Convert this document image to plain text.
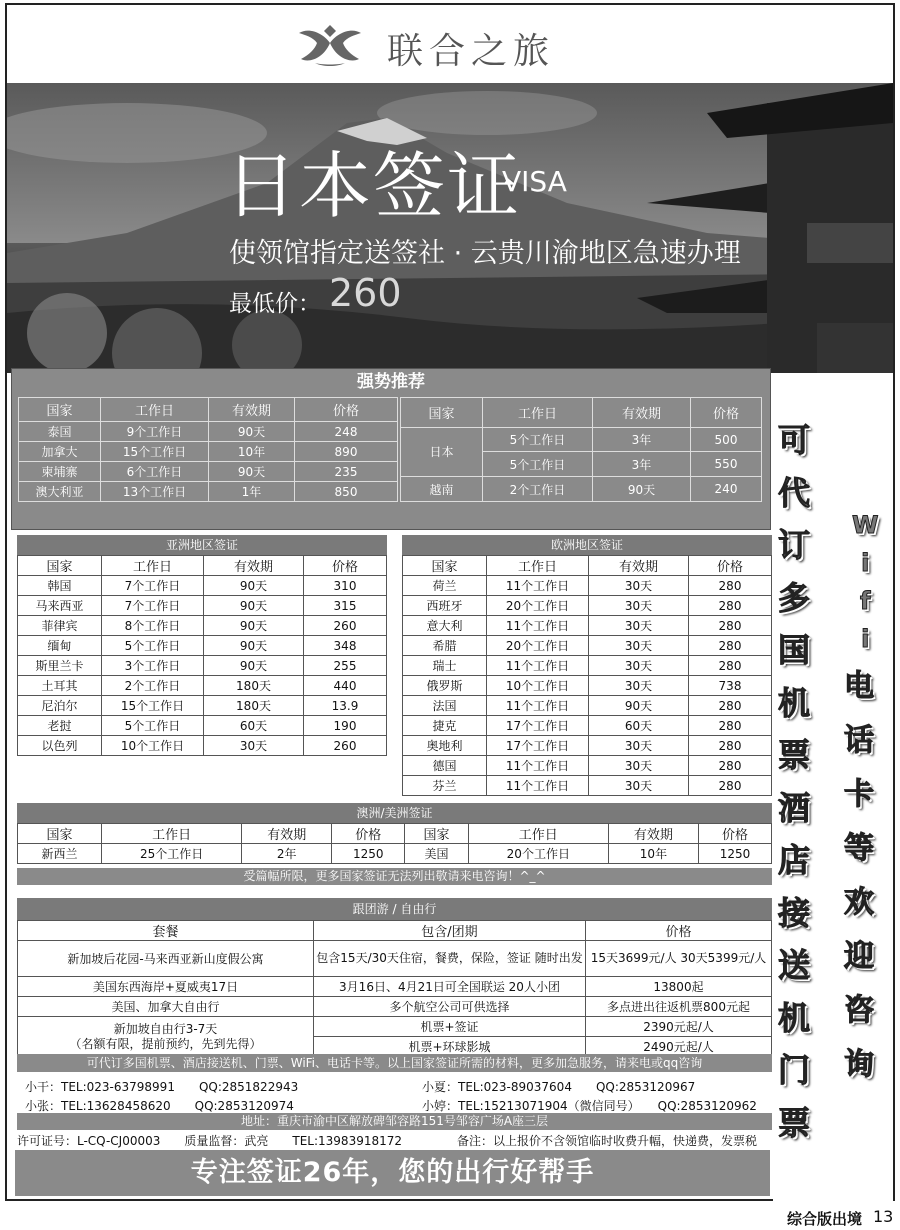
联合之旅
日本签证
VISA
使领馆指定送签社 · 云贵川渝地区急速办理
最低价： 260
强势推荐
国家	工作日	有效期	价格
泰国	9个工作日	90天	248
加拿大	15个工作日	10年	890
柬埔寨	6个工作日	90天	235
澳大利亚	13个工作日	1年	850
国家	工作日	有效期	价格
日本	5个工作日	3年	500
	5个工作日	3年	550
越南	2个工作日	90天	240
亚洲地区签证
国家	工作日	有效期	价格
韩国	7个工作日	90天	310
马来西亚	7个工作日	90天	315
菲律宾	8个工作日	90天	260
缅甸	5个工作日	90天	348
斯里兰卡	3个工作日	90天	255
土耳其	2个工作日	180天	440
尼泊尔	15个工作日	180天	13.9
老挝	5个工作日	60天	190
以色列	10个工作日	30天	260
欧洲地区签证
国家	工作日	有效期	价格
荷兰	11个工作日	30天	280
西班牙	20个工作日	30天	280
意大利	11个工作日	30天	280
希腊	20个工作日	30天	280
瑞士	11个工作日	30天	280
俄罗斯	10个工作日	30天	738
法国	11个工作日	90天	280
捷克	17个工作日	60天	280
奥地利	17个工作日	30天	280
德国	11个工作日	30天	280
芬兰	11个工作日	30天	280
澳洲/美洲签证
国家	工作日	有效期	价格	国家	工作日	有效期	价格
新西兰	25个工作日	2年	1250	美国	20个工作日	10年	1250
受篇幅所限，更多国家签证无法列出敬请来电咨询！^_^
跟团游 / 自由行
套餐	包含/团期	价格
新加坡后花园-马来西亚新山度假公寓	包含15天/30天住宿，餐费，保险，签证 随时出发	15天3699元/人 30天5399元/人
美国东西海岸+夏威夷17日	3月16日、4月21日可全国联运 20人小团	13800起
美国、加拿大自由行	多个航空公司可供选择	多点进出往返机票800元起

新加坡自由行3-7天
（名额有限，提前预约，先到先得）	机票+签证	2390元起/人
	机票+环球影城	2490元起/人
可代订多国机票、酒店接送机、门票、WiFi、电话卡等。以上国家签证所需的材料，更多加急服务，请来电或qq咨询
小干：TEL:023-63798991　　QQ:2851822943	小夏：TEL:023-89037604　　QQ:2853120967
小张：TEL:13628458620　　QQ:2853120974	小婷：TEL:15213071904（微信同号）　　QQ:2853120962
地址：重庆市渝中区解放碑邹容路151号邹容广场A座三层
许可证号：L-CQ-CJ00003　　质量监督：武亮　　TEL:13983918172	备注：以上报价不含领馆临时收费升幅，快递费，发票税
专注签证26年，您的出行好帮手
可
代
订
多
国
机
票
酒
店
接
送
机
门
票
W
i
f
i
电
话
卡
等
欢
迎
咨
询
综合版出境 13
